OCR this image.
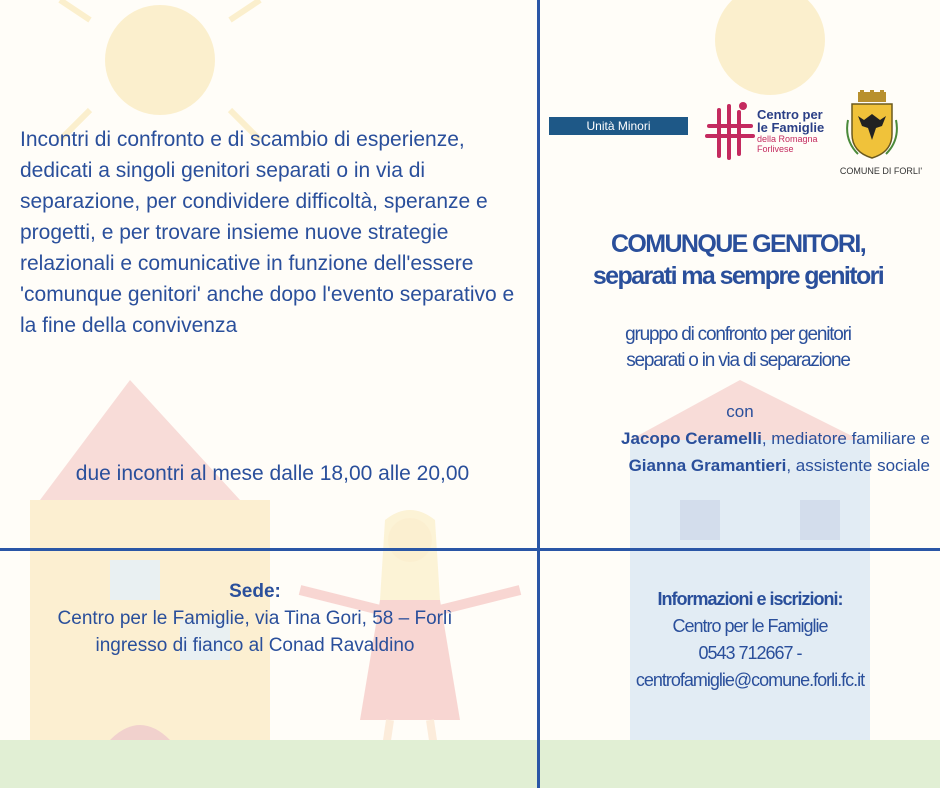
Incontri di confronto e di scambio di esperienze, dedicati a singoli genitori separati o in via di separazione, per condividere difficoltà, speranze e progetti, e per trovare insieme nuove strategie relazionali e comunicative in funzione dell'essere 'comunque genitori' anche dopo l'evento separativo e la fine della convivenza
due incontri al mese dalle 18,00 alle 20,00
Sede:
Centro per le Famiglie, via Tina Gori, 58 – Forlì
ingresso di fianco al Conad Ravaldino
Unità Minori
Centro per
le Famiglie
della Romagna
Forlivese
COMUNE DI FORLI'
COMUNQUE GENITORI,
separati ma sempre genitori
gruppo di confronto per genitori
separati o in via di separazione
con
Jacopo Ceramelli, mediatore familiare e
Gianna Gramantieri, assistente sociale
Informazioni e iscrizioni:
Centro per le Famiglie
0543 712667 -
centrofamiglie@comune.forli.fc.it
